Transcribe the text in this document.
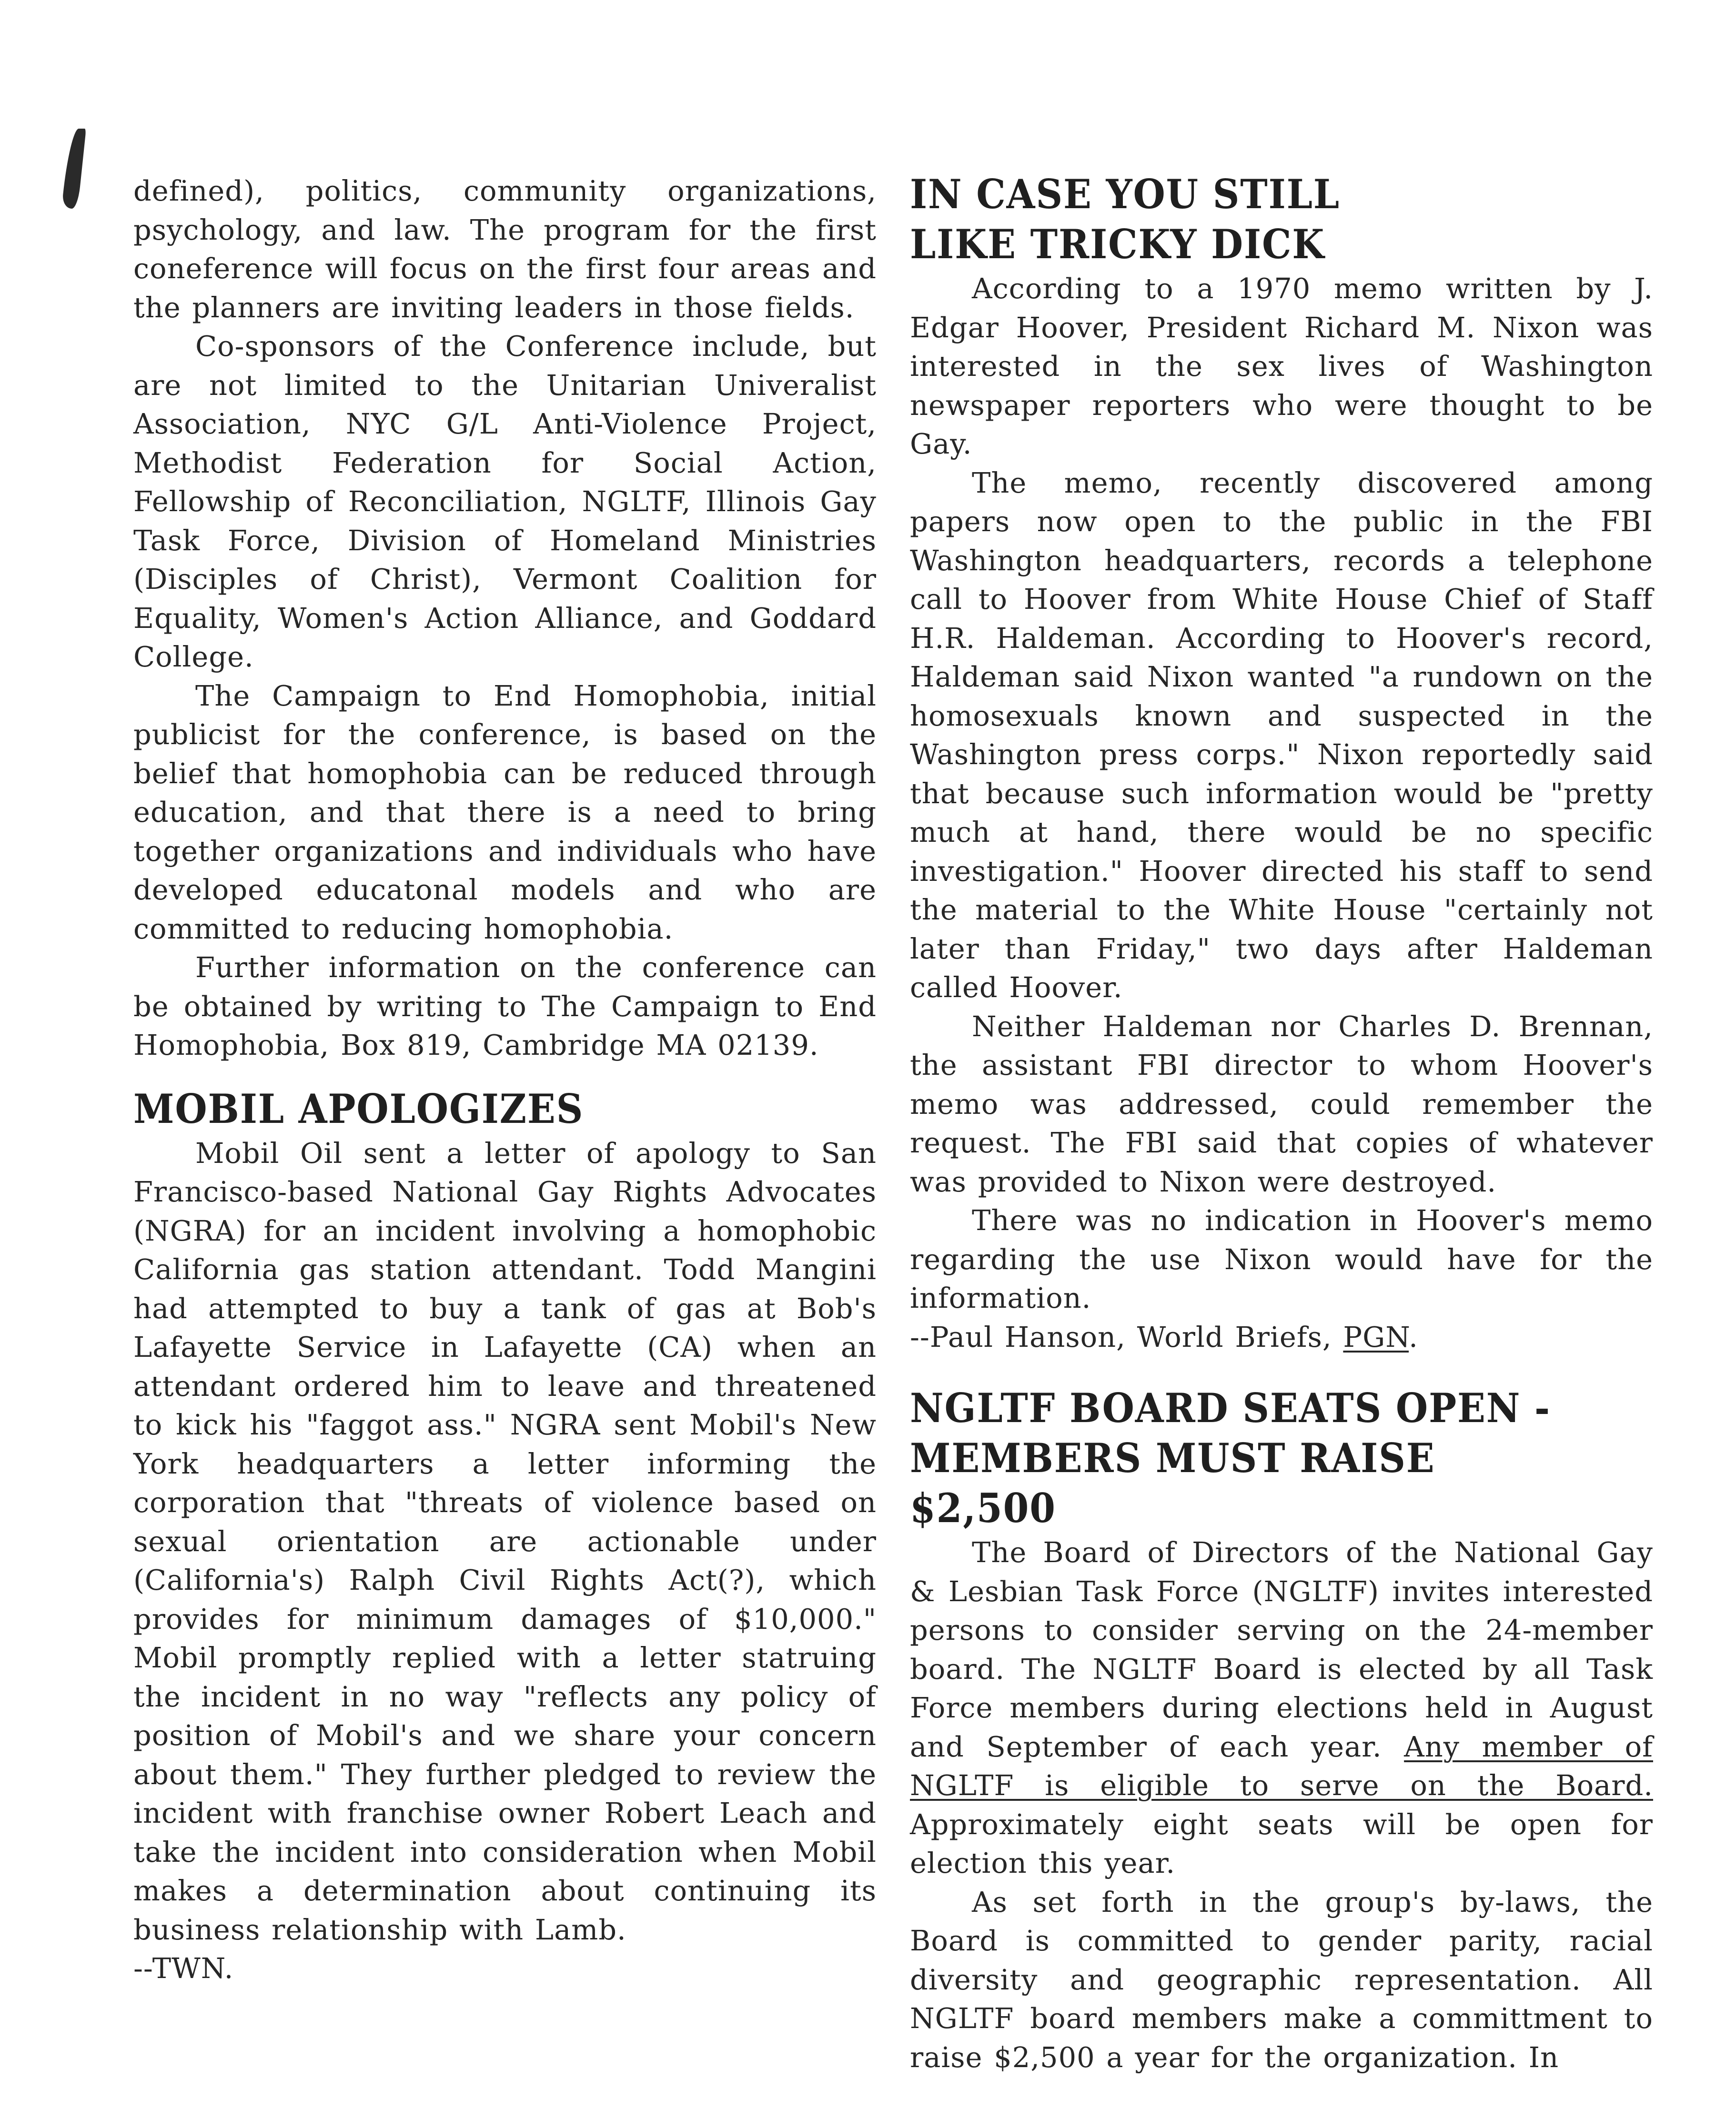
defined), politics, community organizations, psychology, and law. The program for the first coneference will focus on the first four areas and the planners are inviting leaders in those fields.

Co-sponsors of the Conference include, but are not limited to the Unitarian Univeralist Association, NYC G/L Anti-Violence Project, Methodist Federation for Social Action, Fellowship of Reconciliation, NGLTF, Illinois Gay Task Force, Division of Homeland Ministries (Disciples of Christ), Vermont Coalition for Equality, Women's Action Alliance, and Goddard College.

The Campaign to End Homophobia, initial publicist for the conference, is based on the belief that homophobia can be reduced through education, and that there is a need to bring together organizations and individuals who have developed educatonal models and who are committed to reducing homophobia.

Further information on the conference can be obtained by writing to The Campaign to End Homophobia, Box 819, Cambridge MA 02139.

MOBIL APOLOGIZES

Mobil Oil sent a letter of apology to San Francisco-based National Gay Rights Advocates (NGRA) for an incident involving a homophobic California gas station attendant. Todd Mangini had attempted to buy a tank of gas at Bob's Lafayette Service in Lafayette (CA) when an attendant ordered him to leave and threatened to kick his "faggot ass." NGRA sent Mobil's New York headquarters a letter informing the corporation that "threats of violence based on sexual orientation are actionable under (California's) Ralph Civil Rights Act(?), which provides for minimum damages of $10,000." Mobil promptly replied with a letter statruing the incident in no way "reflects any policy of position of Mobil's and we share your concern about them." They further pledged to review the incident with franchise owner Robert Leach and take the incident into consideration when Mobil makes a determination about continuing its business relationship with Lamb.

--TWN.

IN CASE YOU STILL
LIKE TRICKY DICK

According to a 1970 memo written by J. Edgar Hoover, President Richard M. Nixon was interested in the sex lives of Washington newspaper reporters who were thought to be Gay.

The memo, recently discovered among papers now open to the public in the FBI Washington headquarters, records a telephone call to Hoover from White House Chief of Staff H.R. Haldeman. According to Hoover's record, Haldeman said Nixon wanted "a rundown on the homosexuals known and suspected in the Washington press corps." Nixon reportedly said that because such information would be "pretty much at hand, there would be no specific investigation." Hoover directed his staff to send the material to the White House "certainly not later than Friday," two days after Haldeman called Hoover.

Neither Haldeman nor Charles D. Brennan, the assistant FBI director to whom Hoover's memo was addressed, could remember the request. The FBI said that copies of whatever was provided to Nixon were destroyed.

There was no indication in Hoover's memo regarding the use Nixon would have for the information.

--Paul Hanson, World Briefs, PGN.

NGLTF BOARD SEATS OPEN -
MEMBERS MUST RAISE $2,500

The Board of Directors of the National Gay & Lesbian Task Force (NGLTF) invites interested persons to consider serving on the 24-member board. The NGLTF Board is elected by all Task Force members during elections held in August and September of each year. Any member of NGLTF is eligible to serve on the Board. Approximately eight seats will be open for election this year.

As set forth in the group's by-laws, the Board is committed to gender parity, racial diversity and geographic representation. All NGLTF board members make a committment to raise $2,500 a year for the organization. In
